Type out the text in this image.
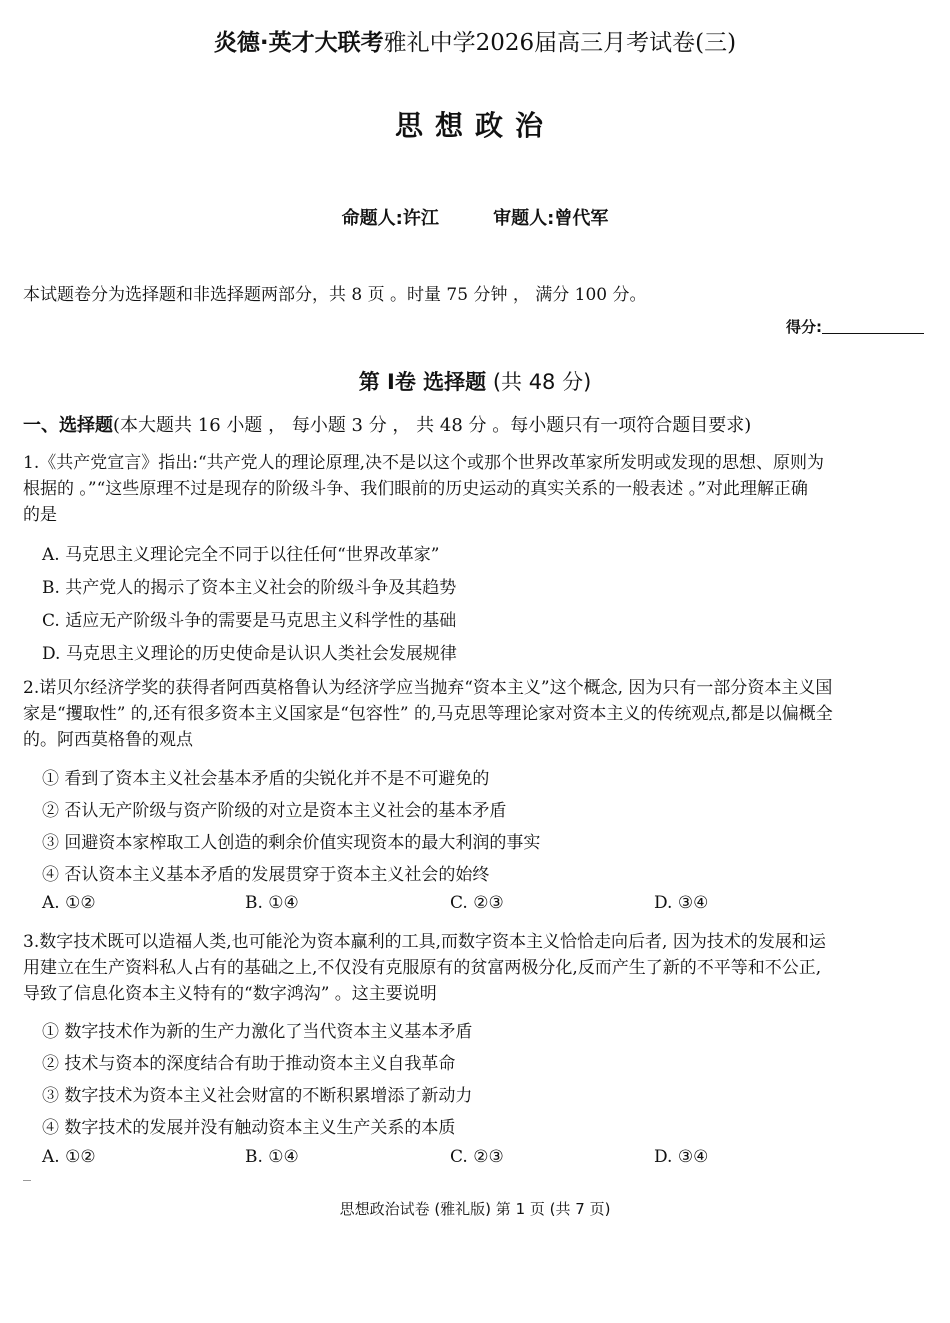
炎德·英才大联考雅礼中学2026届高三月考试卷(三)
思想政治
命题人:许江	审题人:曾代军
本试题卷分为选择题和非选择题两部分，共 8 页 。时量 75 分钟 ， 满分 100 分。
得分:
第 Ⅰ卷 选择题 (共 48 分)
一、选择题(本大题共 16 小题 ， 每小题 3 分 ， 共 48 分 。每小题只有一项符合题目要求)
1.《共产党宣言》指出:“共产党人的理论原理,决不是以这个或那个世界改革家所发明或发现的思想、原则为
根据的 。”“这些原理不过是现存的阶级斗争、我们眼前的历史运动的真实关系的一般表述 。”对此理解正确
的是
A. 马克思主义理论完全不同于以往任何“世界改革家”
B. 共产党人的揭示了资本主义社会的阶级斗争及其趋势
C. 适应无产阶级斗争的需要是马克思主义科学性的基础
D. 马克思主义理论的历史使命是认识人类社会发展规律
2.诺贝尔经济学奖的获得者阿西莫格鲁认为经济学应当抛弃“资本主义”这个概念, 因为只有一部分资本主义国
家是“攫取性” 的,还有很多资本主义国家是“包容性” 的,马克思等理论家对资本主义的传统观点,都是以偏概全
的。阿西莫格鲁的观点
① 看到了资本主义社会基本矛盾的尖锐化并不是不可避免的
② 否认无产阶级与资产阶级的对立是资本主义社会的基本矛盾
③ 回避资本家榨取工人创造的剩余价值实现资本的最大利润的事实
④ 否认资本主义基本矛盾的发展贯穿于资本主义社会的始终
A. ①②	B. ①④	C. ②③	D. ③④
3.数字技术既可以造福人类,也可能沦为资本赢利的工具,而数字资本主义恰恰走向后者, 因为技术的发展和运
用建立在生产资料私人占有的基础之上,不仅没有克服原有的贫富两极分化,反而产生了新的不平等和不公正,
导致了信息化资本主义特有的“数字鸿沟” 。这主要说明
① 数字技术作为新的生产力激化了当代资本主义基本矛盾
② 技术与资本的深度结合有助于推动资本主义自我革命
③ 数字技术为资本主义社会财富的不断积累增添了新动力
④ 数字技术的发展并没有触动资本主义生产关系的本质
A. ①②	B. ①④	C. ②③	D. ③④
思想政治试卷 (雅礼版) 第 1 页 (共 7 页)
